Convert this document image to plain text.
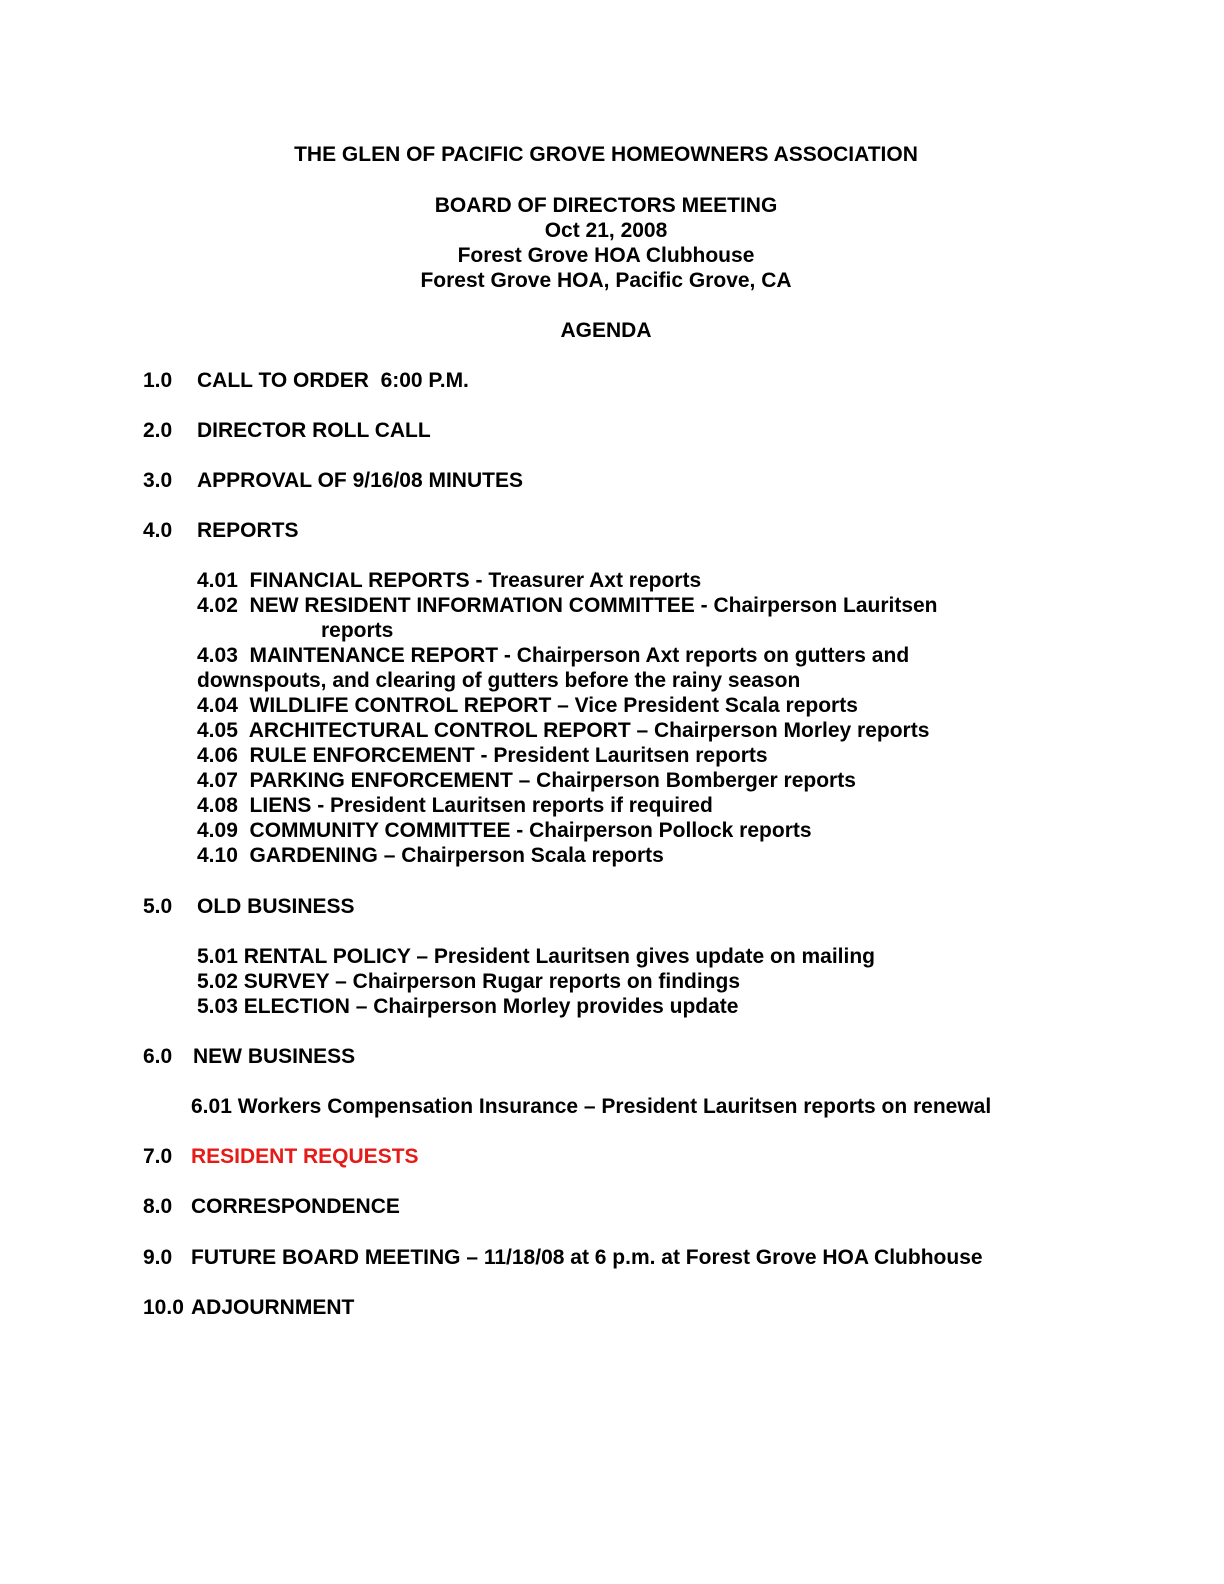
THE GLEN OF PACIFIC GROVE HOMEOWNERS ASSOCIATION
BOARD OF DIRECTORS MEETING
Oct 21, 2008
Forest Grove HOA Clubhouse
Forest Grove HOA, Pacific Grove, CA
AGENDA
1.0 CALL TO ORDER  6:00 P.M.
2.0 DIRECTOR ROLL CALL
3.0 APPROVAL OF 9/16/08 MINUTES
4.0 REPORTS
4.01  FINANCIAL REPORTS - Treasurer Axt reports
4.02  NEW RESIDENT INFORMATION COMMITTEE - Chairperson Lauritsen
reports
4.03  MAINTENANCE REPORT - Chairperson Axt reports on gutters and
downspouts, and clearing of gutters before the rainy season
4.04  WILDLIFE CONTROL REPORT – Vice President Scala reports
4.05  ARCHITECTURAL CONTROL REPORT – Chairperson Morley reports
4.06  RULE ENFORCEMENT - President Lauritsen reports
4.07  PARKING ENFORCEMENT – Chairperson Bomberger reports
4.08  LIENS - President Lauritsen reports if required
4.09  COMMUNITY COMMITTEE - Chairperson Pollock reports
4.10  GARDENING – Chairperson Scala reports
5.0 OLD BUSINESS
5.01 RENTAL POLICY – President Lauritsen gives update on mailing
5.02 SURVEY – Chairperson Rugar reports on findings
5.03 ELECTION – Chairperson Morley provides update
6.0 NEW BUSINESS
6.01 Workers Compensation Insurance – President Lauritsen reports on renewal
7.0 RESIDENT REQUESTS
8.0 CORRESPONDENCE
9.0 FUTURE BOARD MEETING – 11/18/08 at 6 p.m. at Forest Grove HOA Clubhouse
10.0 ADJOURNMENT
